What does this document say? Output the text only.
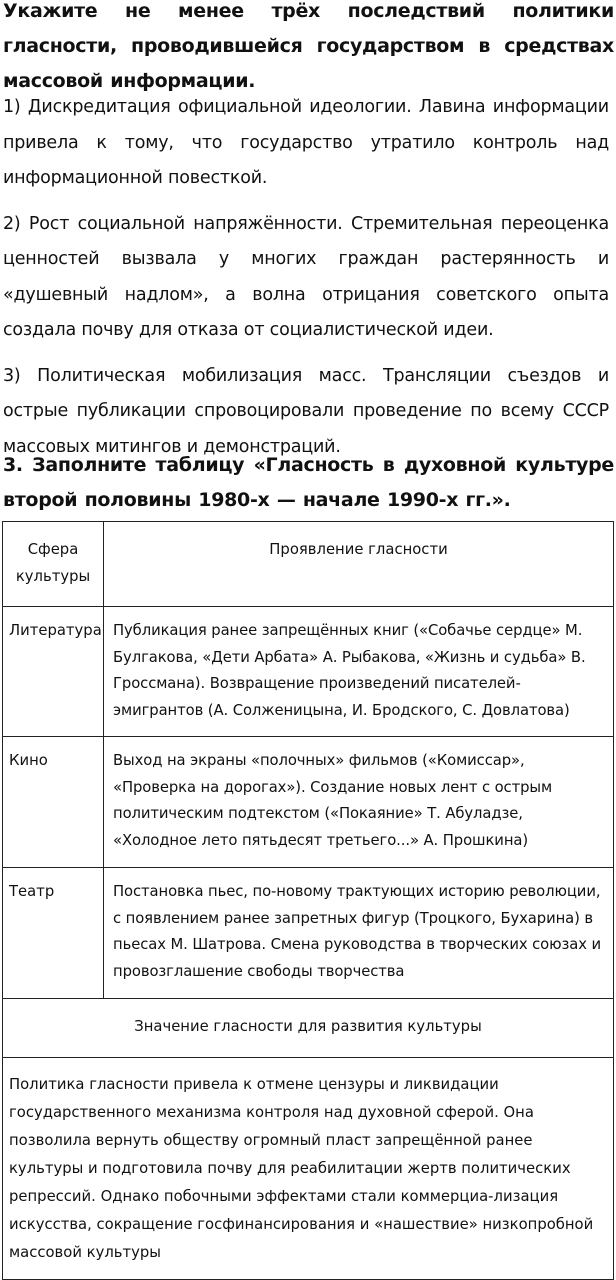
Укажите не менее трёх последствий политики гласности, проводившейся государством в средствах массовой информации.

1) Дискредитация официальной идеологии. Лавина информации привела к тому, что государство утратило контроль над информационной повесткой.

2) Рост социальной напряжённости. Стремительная переоценка ценностей вызвала у многих граждан растерянность и «душевный надлом», а волна отрицания советского опыта создала почву для отказа от социалистической идеи.

3) Политическая мобилизация масс. Трансляции съездов и острые публикации спровоцировали проведение по всему СССР массовых митингов и демонстраций.

3. Заполните таблицу «Гласность в духовной культуре второй половины 1980-х — начале 1990-х гг.».

Сфера культуры	Проявление гласности
Литература	Публикация ранее запрещённых книг («Собачье сердце» М. Булгакова, «Дети Арбата» А. Рыбакова, «Жизнь и судьба» В. Гроссмана). Возвращение произведений писателей-эмигрантов (А. Солженицына, И. Бродского, С. Довлатова)
Кино	Выход на экраны «полочных» фильмов («Комиссар», «Проверка на дорогах»). Создание новых лент с острым политическим подтекстом («Покаяние» Т. Абуладзе, «Холодное лето пятьдесят третьего...» А. Прошкина)
Театр	Постановка пьес, по-новому трактующих историю революции, с появлением ранее запретных фигур (Троцкого, Бухарина) в пьесах М. Шатрова. Смена руководства в творческих союзах и провозглашение свободы творчества
Значение гласности для развития культуры	
Политика гласности привела к отмене цензуры и ликвидации государственного механизма контроля над духовной сферой. Она позволила вернуть обществу огромный пласт запрещённой ранее культуры и подготовила почву для реабилитации жертв политических репрессий. Однако побочными эффектами стали коммерциа-лизация искусства, сокращение госфинансирования и «нашествие» низкопробной массовой культуры	
